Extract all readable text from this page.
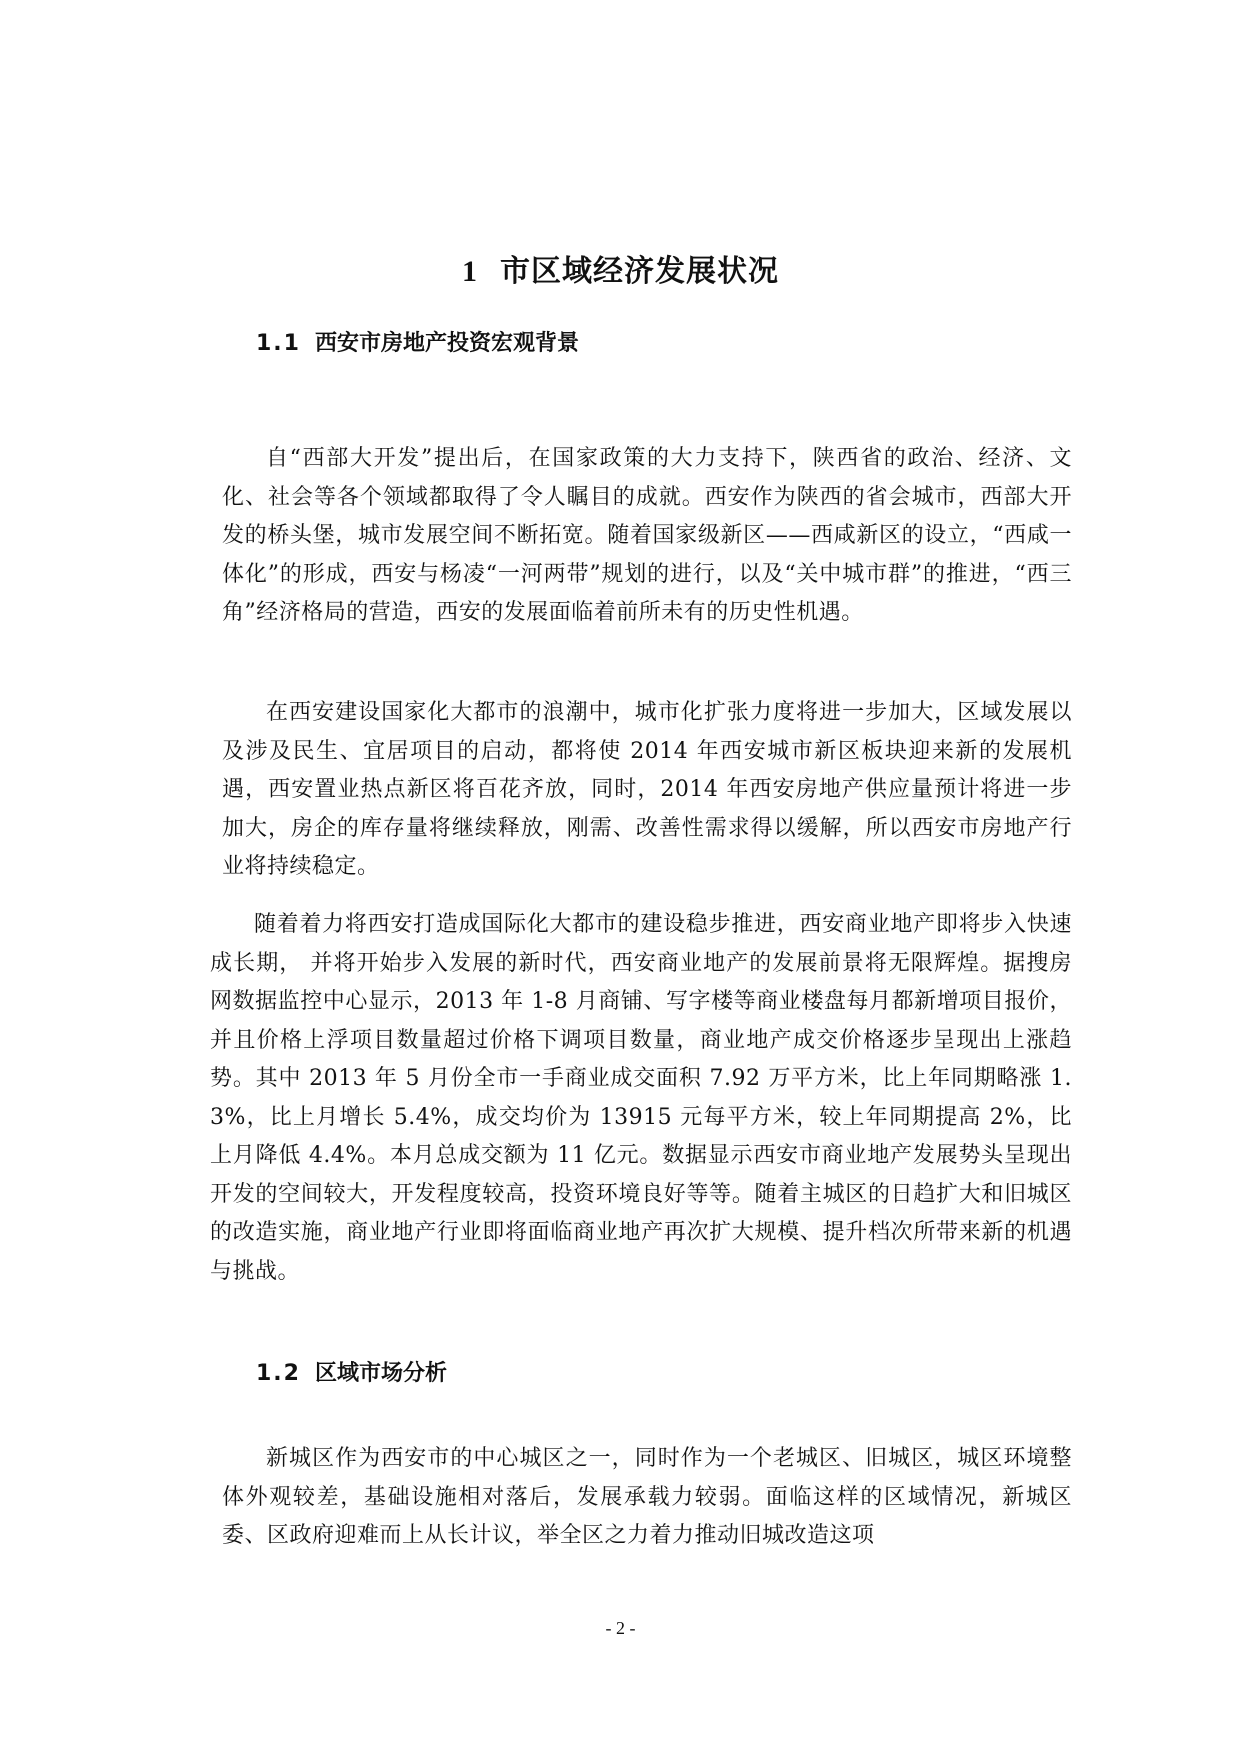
1 市区域经济发展状况
1.1 西安市房地产投资宏观背景

自“西部大开发”提出后，在国家政策的大力支持下，陕西省的政治、经济、文化、社会等各个领域都取得了令人瞩目的成就。西安作为陕西的省会城市，西部大开发的桥头堡，城市发展空间不断拓宽。随着国家级新区——西咸新区的设立，“西咸一体化”的形成，西安与杨凌“一河两带”规划的进行，以及“关中城市群”的推进，“西三角”经济格局的营造，西安的发展面临着前所未有的历史性机遇。

在西安建设国家化大都市的浪潮中，城市化扩张力度将进一步加大，区域发展以及涉及民生、宜居项目的启动，都将使 2014 年西安城市新区板块迎来新的发展机遇，西安置业热点新区将百花齐放，同时，2014 年西安房地产供应量预计将进一步加大，房企的库存量将继续释放，刚需、改善性需求得以缓解，所以西安市房地产行业将持续稳定。

随着着力将西安打造成国际化大都市的建设稳步推进，西安商业地产即将步入快速成长期， 并将开始步入发展的新时代，西安商业地产的发展前景将无限辉煌。据搜房网数据监控中心显示，2013 年 1-8 月商铺、写字楼等商业楼盘每月都新增项目报价，并且价格上浮项目数量超过价格下调项目数量，商业地产成交价格逐步呈现出上涨趋势。其中 2013 年 5 月份全市一手商业成交面积 7.92 万平方米，比上年同期略涨 1. 3%，比上月增长 5.4%，成交均价为 13915 元每平方米，较上年同期提高 2%，比上月降低 4.4%。本月总成交额为 11 亿元。数据显示西安市商业地产发展势头呈现出开发的空间较大，开发程度较高，投资环境良好等等。随着主城区的日趋扩大和旧城区的改造实施，商业地产行业即将面临商业地产再次扩大规模、提升档次所带来新的机遇与挑战。

1.2 区域市场分析

新城区作为西安市的中心城区之一，同时作为一个老城区、旧城区，城区环境整体外观较差，基础设施相对落后，发展承载力较弱。面临这样的区域情况，新城区委、区政府迎难而上从长计议，举全区之力着力推动旧城改造这项

- 2 -
